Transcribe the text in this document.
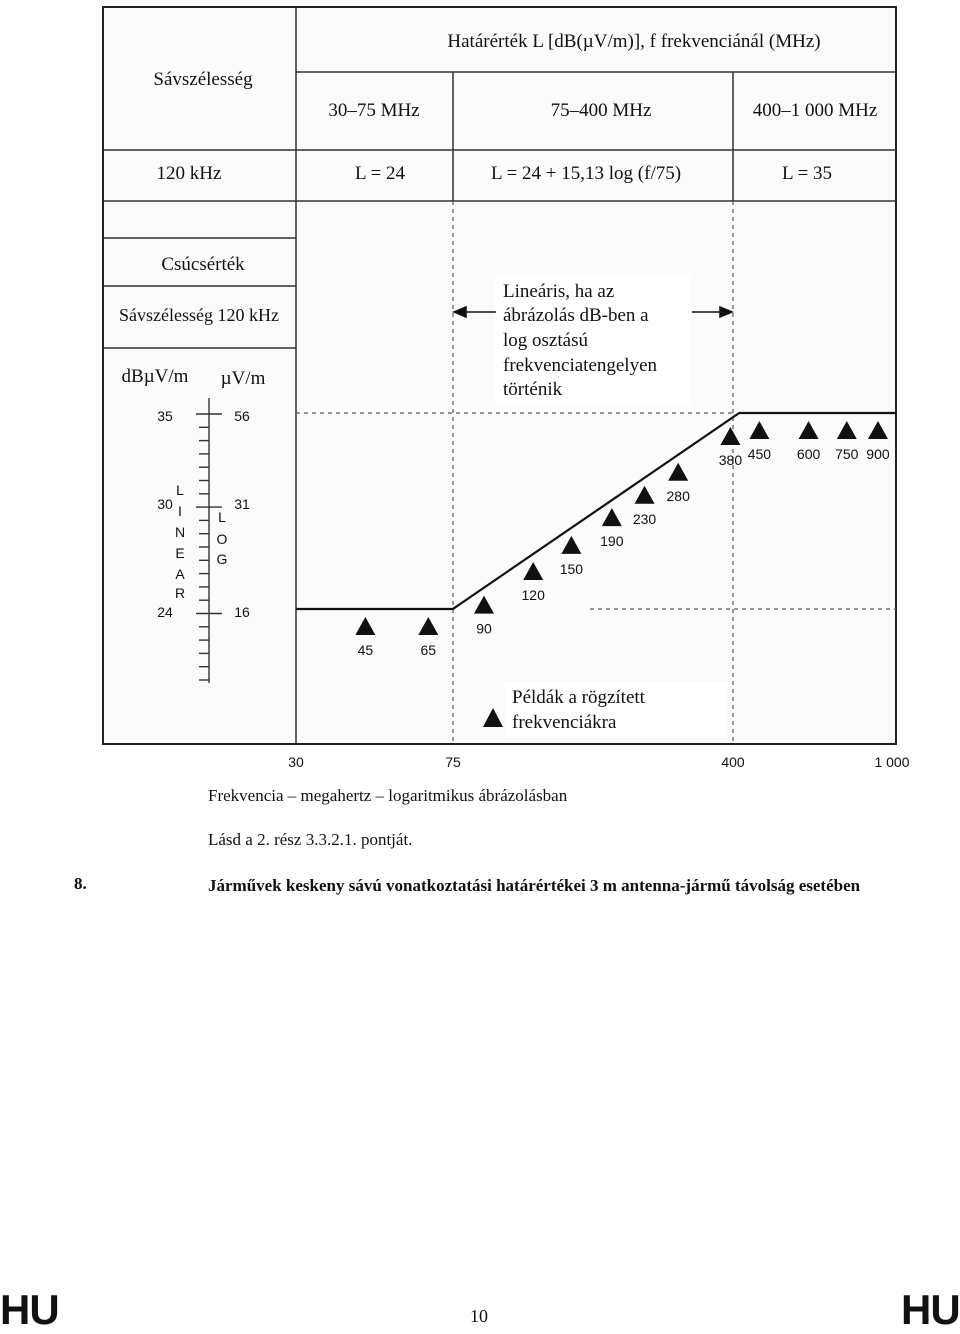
Sávszélesség
Határérték L [dB(µV/m)], f frekvenciánál (MHz)
30–75 MHz	75–400 MHz	400–1 000 MHz
120 kHz	L = 24	L = 24 + 15,13 log (f/75)	L = 35
Csúcsérték
Sávszélesség 120 kHz
dBµV/m µV/m
35
30
24
56
31
16
L
I
N
E
A
R
L
O
G
Lineáris, ha az
ábrázolás dB-ben a
log osztású
frekvenciatengelyen
történik
45	65
90
120
150
190
230
280
380 450 600 750 900
Példák a rögzített
frekvenciákra
30	75	400	1 000
Frekvencia – megahertz – logaritmikus ábrázolásban
Lásd a 2. rész 3.3.2.1. pontját.
8.	Járművek keskeny sávú vonatkoztatási határértékei 3 m antenna-jármű távolság esetében
HU	HU
10
